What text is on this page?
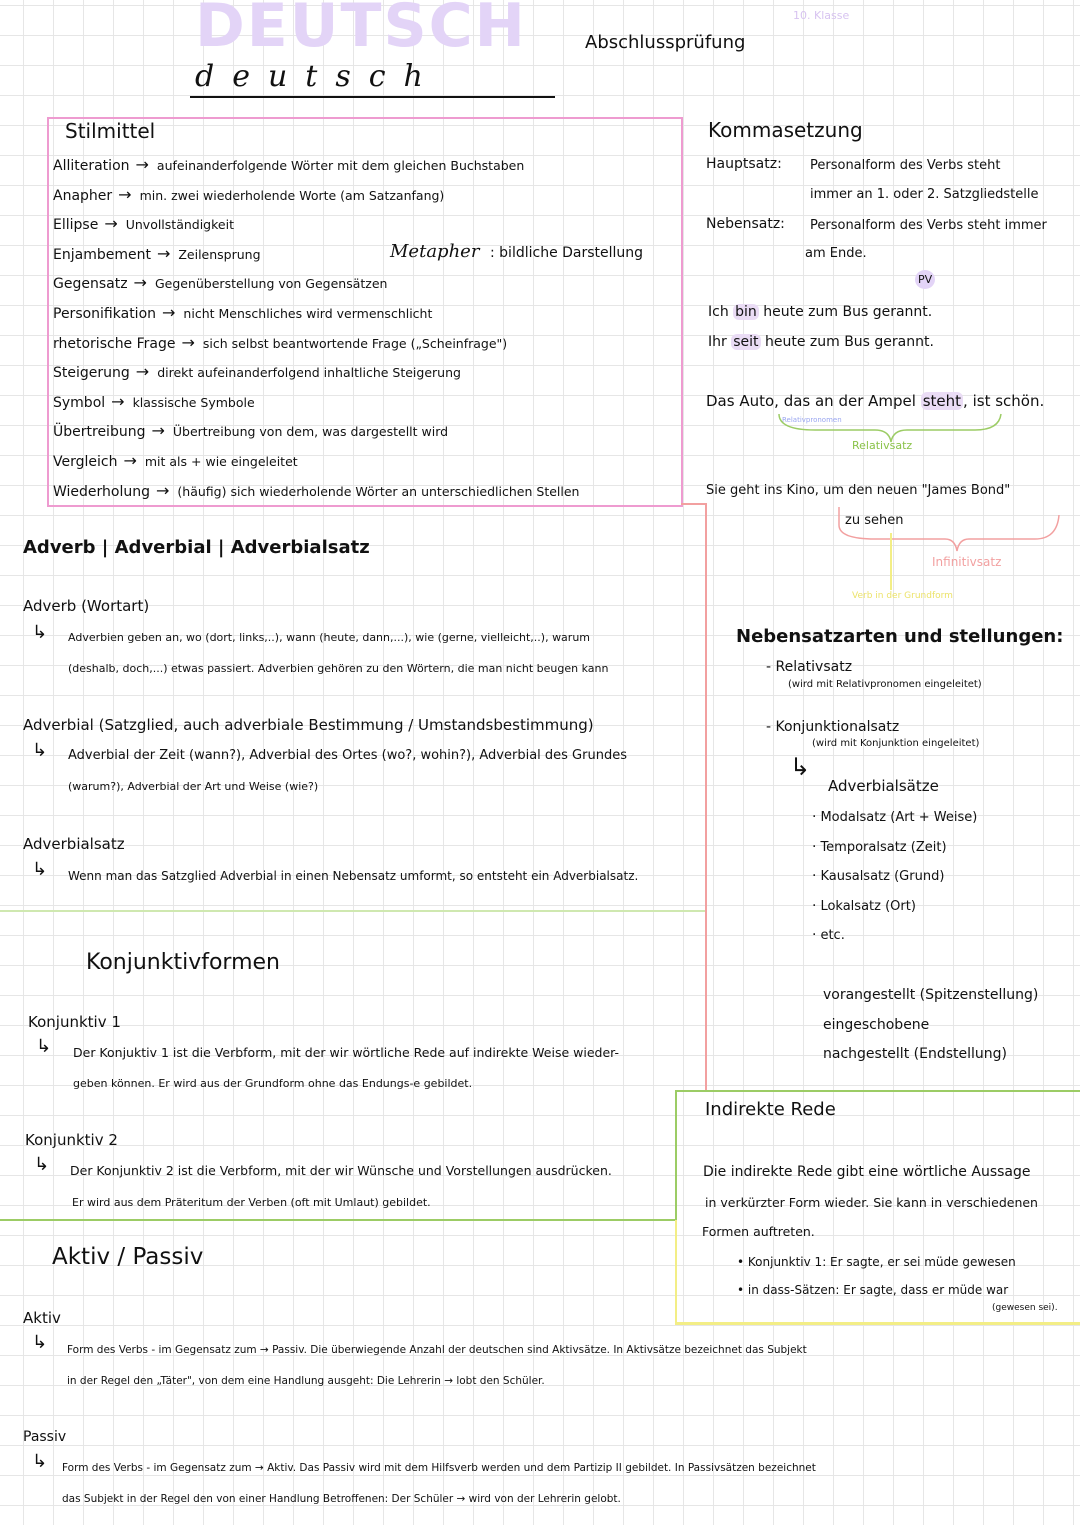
DEUTSCH
deutsch
Abschlussprüfung
10. Klasse
Stilmittel
Alliteration → aufeinanderfolgende Wörter mit dem gleichen Buchstaben
Anapher → min. zwei wiederholende Worte (am Satzanfang)
Ellipse → Unvollständigkeit
Enjambement → Zeilensprung
Gegensatz → Gegenüberstellung von Gegensätzen
Personifikation → nicht Menschliches wird vermenschlicht
rhetorische Frage → sich selbst beantwortende Frage („Scheinfrage")
Steigerung → direkt aufeinanderfolgend inhaltliche Steigerung
Symbol → klassische Symbole
Übertreibung → Übertreibung von dem, was dargestellt wird
Vergleich → mit als + wie eingeleitet
Wiederholung → (häufig) sich wiederholende Wörter an unterschiedlichen Stellen
Metapher : bildliche Darstellung
Kommasetzung
Hauptsatz: Personalform des Verbs steht
immer an 1. oder 2. Satzgliedstelle
Nebensatz: Personalform des Verbs steht immer
am Ende.
PV
Ich bin heute zum Bus gerannt.
Ihr seit heute zum Bus gerannt.
Das Auto, das an der Ampel steht , ist schön.
Relativpronomen
Relativsatz
Sie geht ins Kino, um den neuen "James Bond"
zu sehen
Infinitivsatz
Verb in der Grundform
Adverb | Adverbial | Adverbialsatz
Adverb (Wortart)
↳ Adverbien geben an, wo (dort, links,..), wann (heute, dann,...), wie (gerne, vielleicht,..), warum
(deshalb, doch,...) etwas passiert. Adverbien gehören zu den Wörtern, die man nicht beugen kann
Adverbial (Satzglied, auch adverbiale Bestimmung / Umstandsbestimmung)
↳ Adverbial der Zeit (wann?), Adverbial des Ortes (wo?, wohin?), Adverbial des Grundes
(warum?), Adverbial der Art und Weise (wie?)
Adverbialsatz
↳ Wenn man das Satzglied Adverbial in einen Nebensatz umformt, so entsteht ein Adverbialsatz.
Nebensatzarten und stellungen:
- Relativsatz
(wird mit Relativpronomen eingeleitet)
- Konjunktionalsatz
(wird mit Konjunktion eingeleitet)
↳
Adverbialsätze
· Modalsatz (Art + Weise)
· Temporalsatz (Zeit)
· Kausalsatz (Grund)
· Lokalsatz (Ort)
· etc.
vorangestellt (Spitzenstellung)
eingeschobene
nachgestellt (Endstellung)
Konjunktivformen
Konjunktiv 1
↳ Der Konjuktiv 1 ist die Verbform, mit der wir wörtliche Rede auf indirekte Weise wieder-
geben können. Er wird aus der Grundform ohne das Endungs-e gebildet.
Konjunktiv 2
↳ Der Konjunktiv 2 ist die Verbform, mit der wir Wünsche und Vorstellungen ausdrücken.
Er wird aus dem Präteritum der Verben (oft mit Umlaut) gebildet.
Indirekte Rede
Die indirekte Rede gibt eine wörtliche Aussage
in verkürzter Form wieder. Sie kann in verschiedenen
Formen auftreten.
• Konjunktiv 1: Er sagte, er sei müde gewesen
• in dass-Sätzen: Er sagte, dass er müde war
(gewesen sei).
Aktiv / Passiv
Aktiv
↳ Form des Verbs - im Gegensatz zum → Passiv. Die überwiegende Anzahl der deutschen sind Aktivsätze. In Aktivsätze bezeichnet das Subjekt
in der Regel den „Täter", von dem eine Handlung ausgeht: Die Lehrerin → lobt den Schüler.
Passiv
↳ Form des Verbs - im Gegensatz zum → Aktiv. Das Passiv wird mit dem Hilfsverb werden und dem Partizip II gebildet. In Passivsätzen bezeichnet
das Subjekt in der Regel den von einer Handlung Betroffenen: Der Schüler → wird von der Lehrerin gelobt.
